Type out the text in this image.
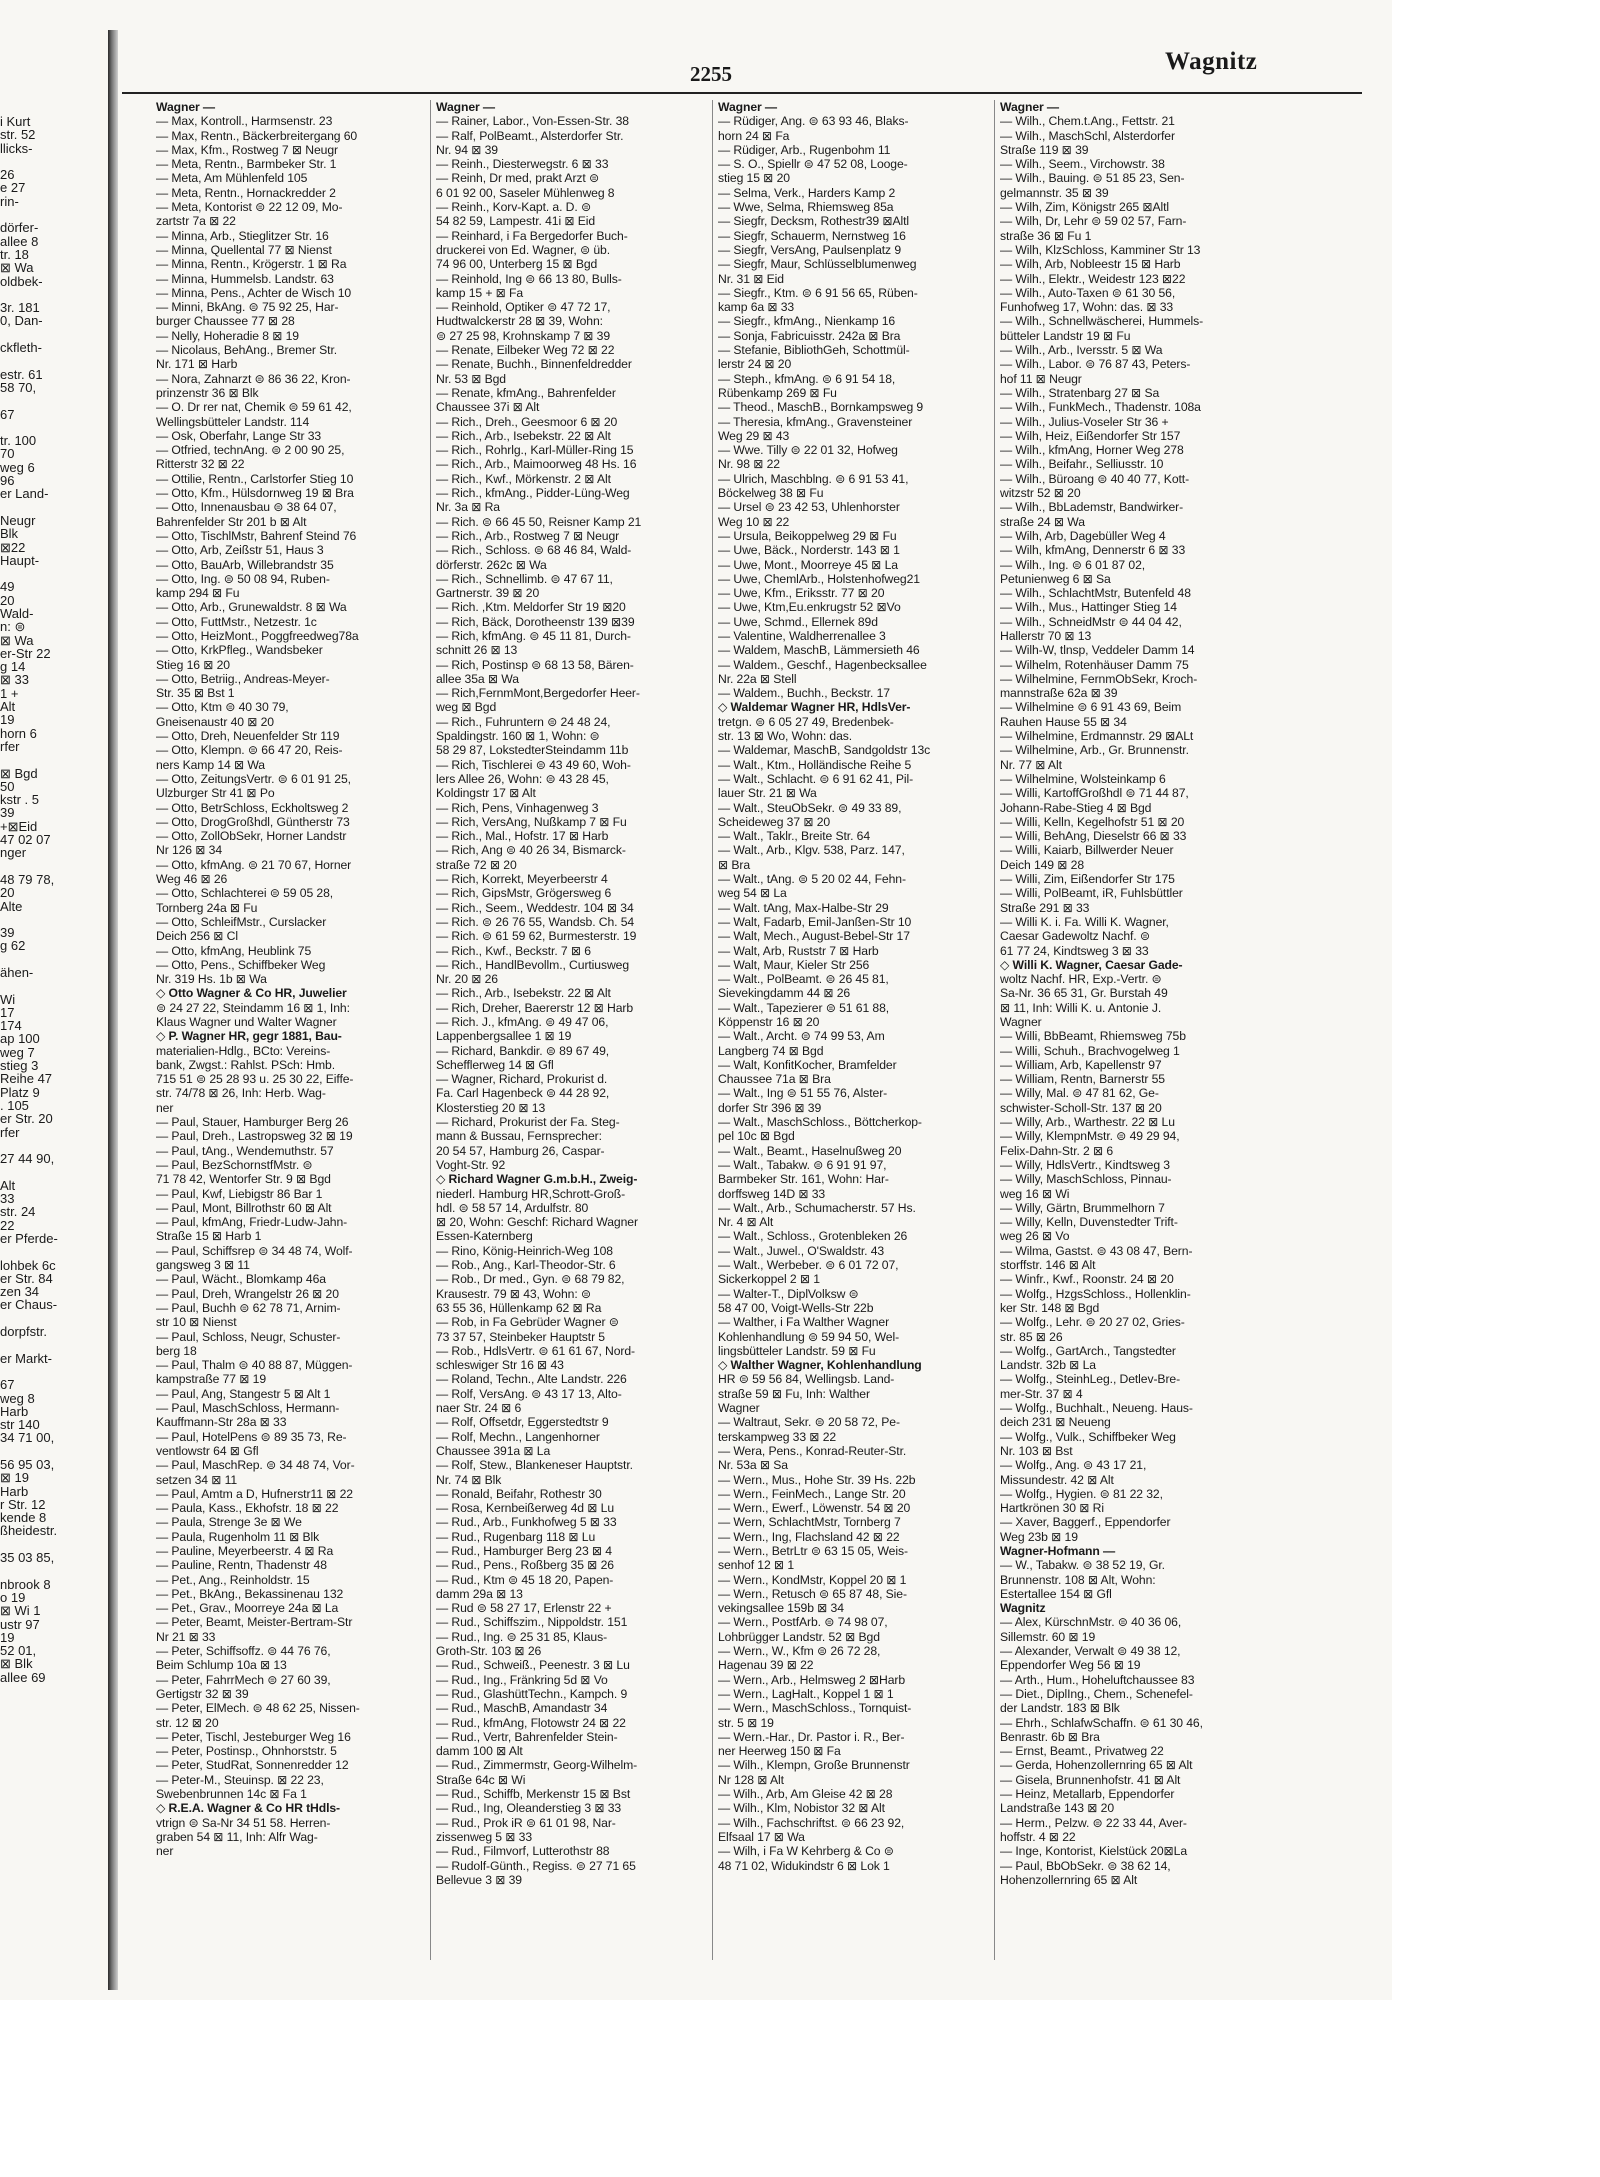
i Kurt
str. 52
llicks-

26
e 27
rin-

dörfer-
allee 8
tr. 18
⊠ Wa
oldbek-

3r. 181
0, Dan-

ckfleth-

estr. 61
58 70,

67

tr. 100
70
weg 6
96
er Land-

Neugr
Blk
⊠22
Haupt-

49
20
Wald-
n: ⊜
⊠ Wa
er-Str 22
g 14
⊠ 33
1 +
Alt
19
horn 6
rfer

⊠ Bgd
50
kstr . 5
39
+⊠Eid
47 02 07
nger

48 79 78,
20
Alte

39
g 62

ähen-

Wi
17
174
ap 100
weg 7
stieg 3
Reihe 47
Platz 9
. 105
er Str. 20
rfer

27 44 90,

Alt
33
str. 24
22
er Pferde-

lohbek 6c
er Str. 84
zen 34
er Chaus-

dorpfstr.

er Markt-

67
weg 8
Harb
str 140
34 71 00,

56 95 03,
⊠ 19
Harb
r Str. 12
kende 8
ßheidestr.

35 03 85,

nbrook 8
o 19
⊠ Wi 1
ustr 97
19
52 01,
⊠ Blk
allee 69
2255	Wagnitz
Wagner —
— Max, Kontroll., Harmsenstr. 23
— Max, Rentn., Bäckerbreitergang 60
— Max, Kfm., Rostweg 7 ⊠ Neugr
— Meta, Rentn., Barmbeker Str. 1
— Meta, Am Mühlenfeld 105
— Meta, Rentn., Hornackredder 2
— Meta, Kontorist ⊜ 22 12 09, Mo-
zartstr 7a ⊠ 22
— Minna, Arb., Stieglitzer Str. 16
— Minna, Quellental 77 ⊠ Nienst
— Minna, Rentn., Krögerstr. 1 ⊠ Ra
— Minna, Hummelsb. Landstr. 63
— Minna, Pens., Achter de Wisch 10
— Minni, BkAng. ⊜ 75 92 25, Har-
burger Chaussee 77 ⊠ 28
— Nelly, Hoheradie 8 ⊠ 19
— Nicolaus, BehAng., Bremer Str.
Nr. 171 ⊠ Harb
— Nora, Zahnarzt ⊜ 86 36 22, Kron-
prinzenstr 36 ⊠ Blk
— O. Dr rer nat, Chemik ⊜ 59 61 42,
Wellingsbütteler Landstr. 114
— Osk, Oberfahr, Lange Str 33
— Otfried, technAng. ⊜ 2 00 90 25,
Ritterstr 32 ⊠ 22
— Ottilie, Rentn., Carlstorfer Stieg 10
— Otto, Kfm., Hülsdornweg 19 ⊠ Bra
— Otto, Innenausbau ⊜ 38 64 07,
Bahrenfelder Str 201 b ⊠ Alt
— Otto, TischlMstr, Bahrenf Steind 76
— Otto, Arb, Zeißstr 51, Haus 3
— Otto, BauArb, Willebrandstr 35
— Otto, Ing. ⊜ 50 08 94, Ruben-
kamp 294 ⊠ Fu
— Otto, Arb., Grunewaldstr. 8 ⊠ Wa
— Otto, FuttMstr., Netzestr. 1c
— Otto, HeizMont., Poggfreedweg78a
— Otto, KrkPfleg., Wandsbeker
Stieg 16 ⊠ 20
— Otto, Betriig., Andreas-Meyer-
Str. 35 ⊠ Bst 1
— Otto, Ktm ⊜ 40 30 79,
Gneisenaustr 40 ⊠ 20
— Otto, Dreh, Neuenfelder Str 119
— Otto, Klempn. ⊜ 66 47 20, Reis-
ners Kamp 14 ⊠ Wa
— Otto, ZeitungsVertr. ⊜ 6 01 91 25,
Ulzburger Str 41 ⊠ Po
— Otto, BetrSchloss, Eckholtsweg 2
— Otto, DrogGroßhdl, Güntherstr 73
— Otto, ZollObSekr, Horner Landstr
Nr 126 ⊠ 34
— Otto, kfmAng. ⊜ 21 70 67, Horner
Weg 46 ⊠ 26
— Otto, Schlachterei ⊜ 59 05 28,
Tornberg 24a ⊠ Fu
— Otto, SchleifMstr., Curslacker
Deich 256 ⊠ Cl
— Otto, kfmAng, Heublink 75
— Otto, Pens., Schiffbeker Weg
Nr. 319 Hs. 1b ⊠ Wa
◇ Otto Wagner & Co HR, Juwelier
⊜ 24 27 22, Steindamm 16 ⊠ 1, Inh:
Klaus Wagner und Walter Wagner
◇ P. Wagner HR, gegr 1881, Bau-
materialien-Hdlg., BCto: Vereins-
bank, Zwgst.: Rahlst. PSch: Hmb.
715 51 ⊜ 25 28 93 u. 25 30 22, Eiffe-
str. 74/78 ⊠ 26, Inh: Herb. Wag-
ner
— Paul, Stauer, Hamburger Berg 26
— Paul, Dreh., Lastropsweg 32 ⊠ 19
— Paul, tAng., Wendemuthstr. 57
— Paul, BezSchornstfMstr. ⊜
71 78 42, Wentorfer Str. 9 ⊠ Bgd
— Paul, Kwf, Liebigstr 86 Bar 1
— Paul, Mont, Billrothstr 60 ⊠ Alt
— Paul, kfmAng, Friedr-Ludw-Jahn-
Straße 15 ⊠ Harb 1
— Paul, Schiffsrep ⊜ 34 48 74, Wolf-
gangsweg 3 ⊠ 11
— Paul, Wächt., Blomkamp 46a
— Paul, Dreh, Wrangelstr 26 ⊠ 20
— Paul, Buchh ⊜ 62 78 71, Arnim-
str 10 ⊠ Nienst
— Paul, Schloss, Neugr, Schuster-
berg 18
— Paul, Thalm ⊜ 40 88 87, Müggen-
kampstraße 77 ⊠ 19
— Paul, Ang, Stangestr 5 ⊠ Alt 1
— Paul, MaschSchloss, Hermann-
Kauffmann-Str 28a ⊠ 33
— Paul, HotelPens ⊜ 89 35 73, Re-
ventlowstr 64 ⊠ Gfl
— Paul, MaschRep. ⊜ 34 48 74, Vor-
setzen 34 ⊠ 11
— Paul, Amtm a D, Hufnerstr11 ⊠ 22
— Paula, Kass., Ekhofstr. 18 ⊠ 22
— Paula, Strenge 3e ⊠ We
— Paula, Rugenholm 11 ⊠ Blk
— Pauline, Meyerbeerstr. 4 ⊠ Ra
— Pauline, Rentn, Thadenstr 48
— Pet., Ang., Reinholdstr. 15
— Pet., BkAng., Bekassinenau 132
— Pet., Grav., Moorreye 24a ⊠ La
— Peter, Beamt, Meister-Bertram-Str
Nr 21 ⊠ 33
— Peter, Schiffsoffz. ⊜ 44 76 76,
Beim Schlump 10a ⊠ 13
— Peter, FahrrMech ⊜ 27 60 39,
Gertigstr 32 ⊠ 39
— Peter, ElMech. ⊜ 48 62 25, Nissen-
str. 12 ⊠ 20
— Peter, Tischl, Jesteburger Weg 16
— Peter, Postinsp., Ohnhorststr. 5
— Peter, StudRat, Sonnenredder 12
— Peter-M., Steuinsp. ⊠ 22 23,
Swebenbrunnen 14c ⊠ Fa 1
◇ R.E.A. Wagner & Co HR tHdls-
vtrign ⊜ Sa-Nr 34 51 58. Herren-
graben 54 ⊠ 11, Inh: Alfr Wag-
ner
Wagner —
— Rainer, Labor., Von-Essen-Str. 38
— Ralf, PolBeamt., Alsterdorfer Str.
Nr. 94 ⊠ 39
— Reinh., Diesterwegstr. 6 ⊠ 33
— Reinh, Dr med, prakt Arzt ⊜
6 01 92 00, Saseler Mühlenweg 8
— Reinh., Korv-Kapt. a. D. ⊜
54 82 59, Lampestr. 41i ⊠ Eid
— Reinhard, i Fa Bergedorfer Buch-
druckerei von Ed. Wagner, ⊜ üb.
74 96 00, Unterberg 15 ⊠ Bgd
— Reinhold, Ing ⊜ 66 13 80, Bulls-
kamp 15 + ⊠ Fa
— Reinhold, Optiker ⊜ 47 72 17,
Hudtwalckerstr 28 ⊠ 39, Wohn:
⊜ 27 25 98, Krohnskamp 7 ⊠ 39
— Renate, Eilbeker Weg 72 ⊠ 22
— Renate, Buchh., Binnenfeldredder
Nr. 53 ⊠ Bgd
— Renate, kfmAng., Bahrenfelder
Chaussee 37i ⊠ Alt
— Rich., Dreh., Geesmoor 6 ⊠ 20
— Rich., Arb., Isebekstr. 22 ⊠ Alt
— Rich., Rohrlg., Karl-Müller-Ring 15
— Rich., Arb., Maimoorweg 48 Hs. 16
— Rich., Kwf., Mörkenstr. 2 ⊠ Alt
— Rich., kfmAng., Pidder-Lüng-Weg
Nr. 3a ⊠ Ra
— Rich. ⊜ 66 45 50, Reisner Kamp 21
— Rich., Arb., Rostweg 7 ⊠ Neugr
— Rich., Schloss. ⊜ 68 46 84, Wald-
dörferstr. 262c ⊠ Wa
— Rich., Schnellimb. ⊜ 47 67 11,
Gartnerstr. 39 ⊠ 20
— Rich. ,Ktm. Meldorfer Str 19 ⊠20
— Rich, Bäck, Dorotheenstr 139 ⊠39
— Rich, kfmAng. ⊜ 45 11 81, Durch-
schnitt 26 ⊠ 13
— Rich, Postinsp ⊜ 68 13 58, Bären-
allee 35a ⊠ Wa
— Rich,FernmMont,Bergedorfer Heer-
weg ⊠ Bgd
— Rich., Fuhruntern ⊜ 24 48 24,
Spaldingstr. 160 ⊠ 1, Wohn: ⊜
58 29 87, LokstedterSteindamm 11b
— Rich, Tischlerei ⊜ 43 49 60, Woh-
lers Allee 26, Wohn: ⊜ 43 28 45,
Koldingstr 17 ⊠ Alt
— Rich, Pens, Vinhagenweg 3
— Rich, VersAng, Nußkamp 7 ⊠ Fu
— Rich., Mal., Hofstr. 17 ⊠ Harb
— Rich, Ang ⊜ 40 26 34, Bismarck-
straße 72 ⊠ 20
— Rich, Korrekt, Meyerbeerstr 4
— Rich, GipsMstr, Grögersweg 6
— Rich., Seem., Weddestr. 104 ⊠ 34
— Rich. ⊜ 26 76 55, Wandsb. Ch. 54
— Rich. ⊜ 61 59 62, Burmesterstr. 19
— Rich., Kwf., Beckstr. 7 ⊠ 6
— Rich., HandlBevollm., Curtiusweg
Nr. 20 ⊠ 26
— Rich., Arb., Isebekstr. 22 ⊠ Alt
— Rich, Dreher, Baererstr 12 ⊠ Harb
— Rich. J., kfmAng. ⊜ 49 47 06,
Lappenbergsallee 1 ⊠ 19
— Richard, Bankdir. ⊜ 89 67 49,
Schefflerweg 14 ⊠ Gfl
— Wagner, Richard, Prokurist d.
Fa. Carl Hagenbeck ⊜ 44 28 92,
Klosterstieg 20 ⊠ 13
— Richard, Prokurist der Fa. Steg-
mann & Bussau, Fernsprecher:
20 54 57, Hamburg 26, Caspar-
Voght-Str. 92
◇ Richard Wagner G.m.b.H., Zweig-
niederl. Hamburg HR,Schrott-Groß-
hdl. ⊜ 58 57 14, Ardulfstr. 80
⊠ 20, Wohn: Geschf: Richard Wagner
Essen-Katernberg
— Rino, König-Heinrich-Weg 108
— Rob., Ang., Karl-Theodor-Str. 6
— Rob., Dr med., Gyn. ⊜ 68 79 82,
Krausestr. 79 ⊠ 43, Wohn: ⊜
63 55 36, Hüllenkamp 62 ⊠ Ra
— Rob, in Fa Gebrüder Wagner ⊜
73 37 57, Steinbeker Hauptstr 5
— Rob., HdlsVertr. ⊜ 61 61 67, Nord-
schleswiger Str 16 ⊠ 43
— Roland, Techn., Alte Landstr. 226
— Rolf, VersAng. ⊜ 43 17 13, Alto-
naer Str. 24 ⊠ 6
— Rolf, Offsetdr, Eggerstedtstr 9
— Rolf, Mechn., Langenhorner
Chaussee 391a ⊠ La
— Rolf, Stew., Blankeneser Hauptstr.
Nr. 74 ⊠ Blk
— Ronald, Beifahr, Rothestr 30
— Rosa, Kernbeißerweg 4d ⊠ Lu
— Rud., Arb., Funkhofweg 5 ⊠ 33
— Rud., Rugenbarg 118 ⊠ Lu
— Rud., Hamburger Berg 23 ⊠ 4
— Rud., Pens., Roßberg 35 ⊠ 26
— Rud., Ktm ⊜ 45 18 20, Papen-
damm 29a ⊠ 13
— Rud ⊜ 58 27 17, Erlenstr 22 +
— Rud., Schiffszim., Nippoldstr. 151
— Rud., Ing. ⊜ 25 31 85, Klaus-
Groth-Str. 103 ⊠ 26
— Rud., Schweiß., Peenestr. 3 ⊠ Lu
— Rud., Ing., Fränkring 5d ⊠ Vo
— Rud., GlashüttTechn., Kampch. 9
— Rud., MaschB, Amandastr 34
— Rud., kfmAng, Flotowstr 24 ⊠ 22
— Rud., Vertr, Bahrenfelder Stein-
damm 100 ⊠ Alt
— Rud., Zimmermstr, Georg-Wilhelm-
Straße 64c ⊠ Wi
— Rud., Schiffb, Merkenstr 15 ⊠ Bst
— Rud., Ing, Oleanderstieg 3 ⊠ 33
— Rud., Prok iR ⊜ 61 01 98, Nar-
zissenweg 5 ⊠ 33
— Rud., Filmvorf, Lutterothstr 88
— Rudolf-Günth., Regiss. ⊜ 27 71 65
Bellevue 3 ⊠ 39
Wagner —
— Rüdiger, Ang. ⊜ 63 93 46, Blaks-
horn 24 ⊠ Fa
— Rüdiger, Arb., Rugenbohm 11
— S. O., Spiellr ⊜ 47 52 08, Looge-
stieg 15 ⊠ 20
— Selma, Verk., Harders Kamp 2
— Wwe, Selma, Rhiemsweg 85a
— Siegfr, Decksm, Rothestr39 ⊠Altl
— Siegfr, Schauerm, Nernstweg 16
— Siegfr, VersAng, Paulsenplatz 9
— Siegfr, Maur, Schlüsselblumenweg
Nr. 31 ⊠ Eid
— Siegfr., Ktm. ⊜ 6 91 56 65, Rüben-
kamp 6a ⊠ 33
— Siegfr., kfmAng., Nienkamp 16
— Sonja, Fabricuisstr. 242a ⊠ Bra
— Stefanie, BibliothGeh, Schottmül-
lerstr 24 ⊠ 20
— Steph., kfmAng. ⊜ 6 91 54 18,
Rübenkamp 269 ⊠ Fu
— Theod., MaschB., Bornkampsweg 9
— Theresia, kfmAng., Gravensteiner
Weg 29 ⊠ 43
— Wwe. Tilly ⊜ 22 01 32, Hofweg
Nr. 98 ⊠ 22
— Ulrich, Maschblng. ⊜ 6 91 53 41,
Böckelweg 38 ⊠ Fu
— Ursel ⊜ 23 42 53, Uhlenhorster
Weg 10 ⊠ 22
— Ursula, Beikoppelweg 29 ⊠ Fu
— Uwe, Bäck., Norderstr. 143 ⊠ 1
— Uwe, Mont., Moorreye 45 ⊠ La
— Uwe, ChemlArb., Holstenhofweg21
— Uwe, Kfm., Eriksstr. 77 ⊠ 20
— Uwe, Ktm,Eu.enkrugstr 52 ⊠Vo
— Uwe, Schmd., Ellernek 89d
— Valentine, Waldherrenallee 3
— Waldem, MaschB, Lämmersieth 46
— Waldem., Geschf., Hagenbecksallee
Nr. 22a ⊠ Stell
— Waldem., Buchh., Beckstr. 17
◇ Waldemar Wagner HR, HdlsVer-
tretgn. ⊜ 6 05 27 49, Bredenbek-
str. 13 ⊠ Wo, Wohn: das.
— Waldemar, MaschB, Sandgoldstr 13c
— Walt., Ktm., Holländische Reihe 5
— Walt., Schlacht. ⊜ 6 91 62 41, Pil-
lauer Str. 21 ⊠ Wa
— Walt., SteuObSekr. ⊜ 49 33 89,
Scheideweg 37 ⊠ 20
— Walt., Taklr., Breite Str. 64
— Walt., Arb., Klgv. 538, Parz. 147,
⊠ Bra
— Walt., tAng. ⊜ 5 20 02 44, Fehn-
weg 54 ⊠ La
— Walt. tAng, Max-Halbe-Str 29
— Walt, Fadarb, Emil-Janßen-Str 10
— Walt, Mech., August-Bebel-Str 17
— Walt, Arb, Ruststr 7 ⊠ Harb
— Walt, Maur, Kieler Str 256
— Walt., PolBeamt. ⊜ 26 45 81,
Sievekingdamm 44 ⊠ 26
— Walt., Tapezierer ⊜ 51 61 88,
Köppenstr 16 ⊠ 20
— Walt., Archt. ⊜ 74 99 53, Am
Langberg 74 ⊠ Bgd
— Walt, KonfitKocher, Bramfelder
Chaussee 71a ⊠ Bra
— Walt., Ing ⊜ 51 55 76, Alster-
dorfer Str 396 ⊠ 39
— Walt., MaschSchloss., Böttcherkop-
pel 10c ⊠ Bgd
— Walt., Beamt., Haselnußweg 20
— Walt., Tabakw. ⊜ 6 91 91 97,
Barmbeker Str. 161, Wohn: Har-
dorffsweg 14D ⊠ 33
— Walt., Arb., Schumacherstr. 57 Hs.
Nr. 4 ⊠ Alt
— Walt., Schloss., Grotenbleken 26
— Walt., Juwel., O'Swaldstr. 43
— Walt., Werbeber. ⊜ 6 01 72 07,
Sickerkoppel 2 ⊠ 1
— Walter-T., DiplVolksw ⊜
58 47 00, Voigt-Wells-Str 22b
— Walther, i Fa Walther Wagner
Kohlenhandlung ⊜ 59 94 50, Wel-
lingsbütteler Landstr. 59 ⊠ Fu
◇ Walther Wagner, Kohlenhandlung
HR ⊜ 59 56 84, Wellingsb. Land-
straße 59 ⊠ Fu, Inh: Walther
Wagner
— Waltraut, Sekr. ⊜ 20 58 72, Pe-
terskampweg 33 ⊠ 22
— Wera, Pens., Konrad-Reuter-Str.
Nr. 53a ⊠ Sa
— Wern., Mus., Hohe Str. 39 Hs. 22b
— Wern., FeinMech., Lange Str. 20
— Wern., Ewerf., Löwenstr. 54 ⊠ 20
— Wern, SchlachtMstr, Tornberg 7
— Wern., Ing, Flachsland 42 ⊠ 22
— Wern., BetrLtr ⊜ 63 15 05, Weis-
senhof 12 ⊠ 1
— Wern., KondMstr, Koppel 20 ⊠ 1
— Wern., Retusch ⊜ 65 87 48, Sie-
vekingsallee 159b ⊠ 34
— Wern., PostfArb. ⊜ 74 98 07,
Lohbrügger Landstr. 52 ⊠ Bgd
— Wern., W., Kfm ⊜ 26 72 28,
Hagenau 39 ⊠ 22
— Wern., Arb., Helmsweg 2 ⊠Harb
— Wern., LagHalt., Koppel 1 ⊠ 1
— Wern., MaschSchloss., Tornquist-
str. 5 ⊠ 19
— Wern.-Har., Dr. Pastor i. R., Ber-
ner Heerweg 150 ⊠ Fa
— Wilh., Klempn, Große Brunnenstr
Nr 128 ⊠ Alt
— Wilh., Arb, Am Gleise 42 ⊠ 28
— Wilh., Klm, Nobistor 32 ⊠ Alt
— Wilh., Fachschriftst. ⊜ 66 23 92,
Elfsaal 17 ⊠ Wa
— Wilh, i Fa W Kehrberg & Co ⊜
48 71 02, Widukindstr 6 ⊠ Lok 1
Wagner —
— Wilh., Chem.t.Ang., Fettstr. 21
— Wilh., MaschSchl, Alsterdorfer
Straße 119 ⊠ 39
— Wilh., Seem., Virchowstr. 38
— Wilh., Bauing. ⊜ 51 85 23, Sen-
gelmannstr. 35 ⊠ 39
— Wilh, Zim, Königstr 265 ⊠Altl
— Wilh, Dr, Lehr ⊜ 59 02 57, Farn-
straße 36 ⊠ Fu 1
— Wilh, KlzSchloss, Kamminer Str 13
— Wilh, Arb, Nobleestr 15 ⊠ Harb
— Wilh., Elektr., Weidestr 123 ⊠22
— Wilh., Auto-Taxen ⊜ 61 30 56,
Funhofweg 17, Wohn: das. ⊠ 33
— Wilh., Schnellwäscherei, Hummels-
bütteler Landstr 19 ⊠ Fu
— Wilh., Arb., Iversstr. 5 ⊠ Wa
— Wilh., Labor. ⊜ 76 87 43, Peters-
hof 11 ⊠ Neugr
— Wilh., Stratenbarg 27 ⊠ Sa
— Wilh., FunkMech., Thadenstr. 108a
— Wilh., Julius-Voseler Str 36 +
— Wilh, Heiz, Eißendorfer Str 157
— Wilh., kfmAng, Horner Weg 278
— Wilh., Beifahr., Selliusstr. 10
— Wilh., Büroang ⊜ 40 40 77, Kott-
witzstr 52 ⊠ 20
— Wilh., BbLademstr, Bandwirker-
straße 24 ⊠ Wa
— Wilh, Arb, Dagebüller Weg 4
— Wilh, kfmAng, Dennerstr 6 ⊠ 33
— Wilh., Ing. ⊜ 6 01 87 02,
Petunienweg 6 ⊠ Sa
— Wilh., SchlachtMstr, Butenfeld 48
— Wilh., Mus., Hattinger Stieg 14
— Wilh., SchneidMstr ⊜ 44 04 42,
Hallerstr 70 ⊠ 13
— Wilh-W, tlnsp, Veddeler Damm 14
— Wilhelm, Rotenhäuser Damm 75
— Wilhelmine, FernmObSekr, Kroch-
mannstraße 62a ⊠ 39
— Wilhelmine ⊜ 6 91 43 69, Beim
Rauhen Hause 55 ⊠ 34
— Wilhelmine, Erdmannstr. 29 ⊠ALt
— Wilhelmine, Arb., Gr. Brunnenstr.
Nr. 77 ⊠ Alt
— Wilhelmine, Wolsteinkamp 6
— Willi, KartoffGroßhdl ⊜ 71 44 87,
Johann-Rabe-Stieg 4 ⊠ Bgd
— Willi, Kelln, Kegelhofstr 51 ⊠ 20
— Willi, BehAng, Dieselstr 66 ⊠ 33
— Willi, Kaiarb, Billwerder Neuer
Deich 149 ⊠ 28
— Willi, Zim, Eißendorfer Str 175
— Willi, PolBeamt, iR, Fuhlsbüttler
Straße 291 ⊠ 33
— Willi K. i. Fa. Willi K. Wagner,
Caesar Gadewoltz Nachf. ⊜
61 77 24, Kindtsweg 3 ⊠ 33
◇ Willi K. Wagner, Caesar Gade-
woltz Nachf. HR, Exp.-Vertr. ⊜
Sa-Nr. 36 65 31, Gr. Burstah 49
⊠ 11, Inh: Willi K. u. Antonie J.
Wagner
— Willi, BbBeamt, Rhiemsweg 75b
— Willi, Schuh., Brachvogelweg 1
— William, Arb, Kapellenstr 97
— William, Rentn, Barnerstr 55
— Willy, Mal. ⊜ 47 81 62, Ge-
schwister-Scholl-Str. 137 ⊠ 20
— Willy, Arb., Warthestr. 22 ⊠ Lu
— Willy, KlempnMstr. ⊜ 49 29 94,
Felix-Dahn-Str. 2 ⊠ 6
— Willy, HdlsVertr., Kindtsweg 3
— Willy, MaschSchloss, Pinnau-
weg 16 ⊠ Wi
— Willy, Gärtn, Brummelhorn 7
— Willy, Kelln, Duvenstedter Trift-
weg 26 ⊠ Vo
— Wilma, Gastst. ⊜ 43 08 47, Bern-
storffstr. 146 ⊠ Alt
— Winfr., Kwf., Roonstr. 24 ⊠ 20
— Wolfg., HzgsSchloss., Hollenklin-
ker Str. 148 ⊠ Bgd
— Wolfg., Lehr. ⊜ 20 27 02, Gries-
str. 85 ⊠ 26
— Wolfg., GartArch., Tangstedter
Landstr. 32b ⊠ La
— Wolfg., SteinhLeg., Detlev-Bre-
mer-Str. 37 ⊠ 4
— Wolfg., Buchhalt., Neueng. Haus-
deich 231 ⊠ Neueng
— Wolfg., Vulk., Schiffbeker Weg
Nr. 103 ⊠ Bst
— Wolfg., Ang. ⊜ 43 17 21,
Missundestr. 42 ⊠ Alt
— Wolfg., Hygien. ⊜ 81 22 32,
Hartkrönen 30 ⊠ Ri
— Xaver, Baggerf., Eppendorfer
Weg 23b ⊠ 19
Wagner-Hofmann —
— W., Tabakw. ⊜ 38 52 19, Gr.
Brunnenstr. 108 ⊠ Alt, Wohn:
Estertallee 154 ⊠ Gfl
Wagnitz
— Alex, KürschnMstr. ⊜ 40 36 06,
Sillemstr. 60 ⊠ 19
— Alexander, Verwalt ⊜ 49 38 12,
Eppendorfer Weg 56 ⊠ 19
— Arth., Hum., Hoheluftchaussee 83
— Diet., DiplIng., Chem., Schenefel-
der Landstr. 183 ⊠ Blk
— Ehrh., SchlafwSchaffn. ⊜ 61 30 46,
Benrastr. 6b ⊠ Bra
— Ernst, Beamt., Privatweg 22
— Gerda, Hohenzollernring 65 ⊠ Alt
— Gisela, Brunnenhofstr. 41 ⊠ Alt
— Heinz, Metallarb, Eppendorfer
Landstraße 143 ⊠ 20
— Herm., Pelzw. ⊜ 22 33 44, Aver-
hoffstr. 4 ⊠ 22
— Inge, Kontorist, Kielstück 20⊠La
— Paul, BbObSekr. ⊜ 38 62 14,
Hohenzollernring 65 ⊠ Alt
